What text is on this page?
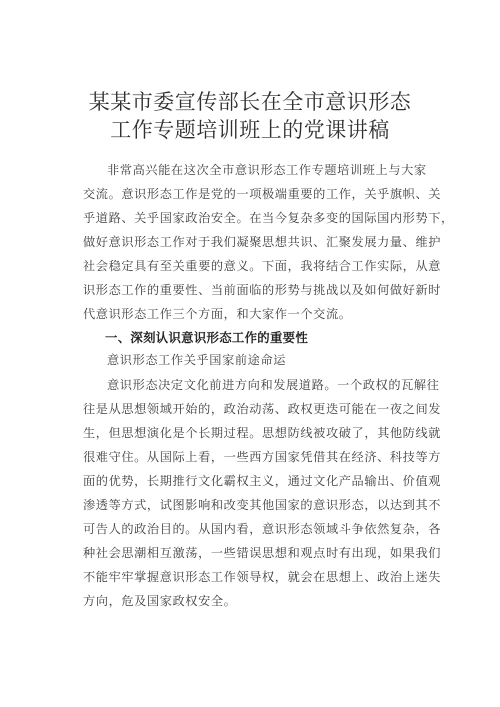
某某市委宣传部长在全市意识形态
工作专题培训班上的党课讲稿
非常高兴能在这次全市意识形态工作专题培训班上与大家
交流。意识形态工作是党的一项极端重要的工作，关乎旗帜、关
乎道路、关乎国家政治安全。在当今复杂多变的国际国内形势下，
做好意识形态工作对于我们凝聚思想共识、汇聚发展力量、维护
社会稳定具有至关重要的意义。下面，我将结合工作实际，从意
识形态工作的重要性、当前面临的形势与挑战以及如何做好新时
代意识形态工作三个方面，和大家作一个交流。
一、深刻认识意识形态工作的重要性
意识形态工作关乎国家前途命运
意识形态决定文化前进方向和发展道路。一个政权的瓦解往
往是从思想领域开始的，政治动荡、政权更迭可能在一夜之间发
生，但思想演化是个长期过程。思想防线被攻破了，其他防线就
很难守住。从国际上看，一些西方国家凭借其在经济、科技等方
面的优势，长期推行文化霸权主义，通过文化产品输出、价值观
渗透等方式，试图影响和改变其他国家的意识形态，以达到其不
可告人的政治目的。从国内看，意识形态领域斗争依然复杂，各
种社会思潮相互激荡，一些错误思想和观点时有出现，如果我们
不能牢牢掌握意识形态工作领导权，就会在思想上、政治上迷失
方向，危及国家政权安全。
